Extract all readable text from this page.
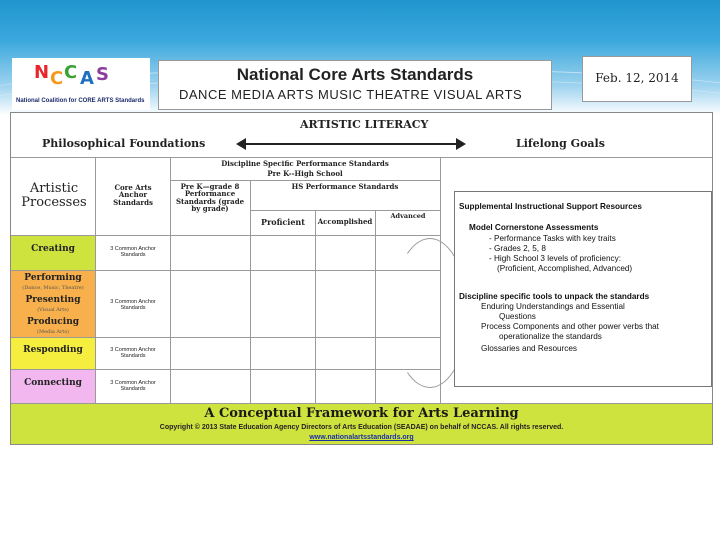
N C C A S
National Coalition for CORE ARTS Standards
National Core Arts Standards
DANCE MEDIA ARTS MUSIC THEATRE VISUAL ARTS
Feb. 12, 2014
ARTISTIC LITERACY
Philosophical Foundations	Lifelong Goals
Artistic Processes
Core Arts Anchor Standards
Discipline Specific Performance Standards
Pre K--High School
Pre K—grade 8 Performance Standards (grade by grade)
HS Performance Standards
Proficient	Accomplished
Advanced
Creating
Performing
(Dance, Music, Theatre)
Presenting
(Visual Arts)
Producing
(Media Arts)
Responding
Connecting
3 Common Anchor Standards
3 Common Anchor Standards
3 Common Anchor Standards
3 Common Anchor Standards
Supplemental Instructional Support Resources
Model Cornerstone Assessments
- Performance Tasks with key traits
- Grades 2, 5, 8
- High School 3 levels of proficiency:
(Proficient, Accomplished, Advanced)
Discipline specific tools to unpack the standards
Enduring Understandings and Essential
Questions
Process Components and other power verbs that
operationalize the standards
Glossaries and Resources
A Conceptual Framework for Arts Learning
Copyright © 2013 State Education Agency Directors of Arts Education (SEADAE) on behalf of NCCAS. All rights reserved.
www.nationalartsstandards.org
